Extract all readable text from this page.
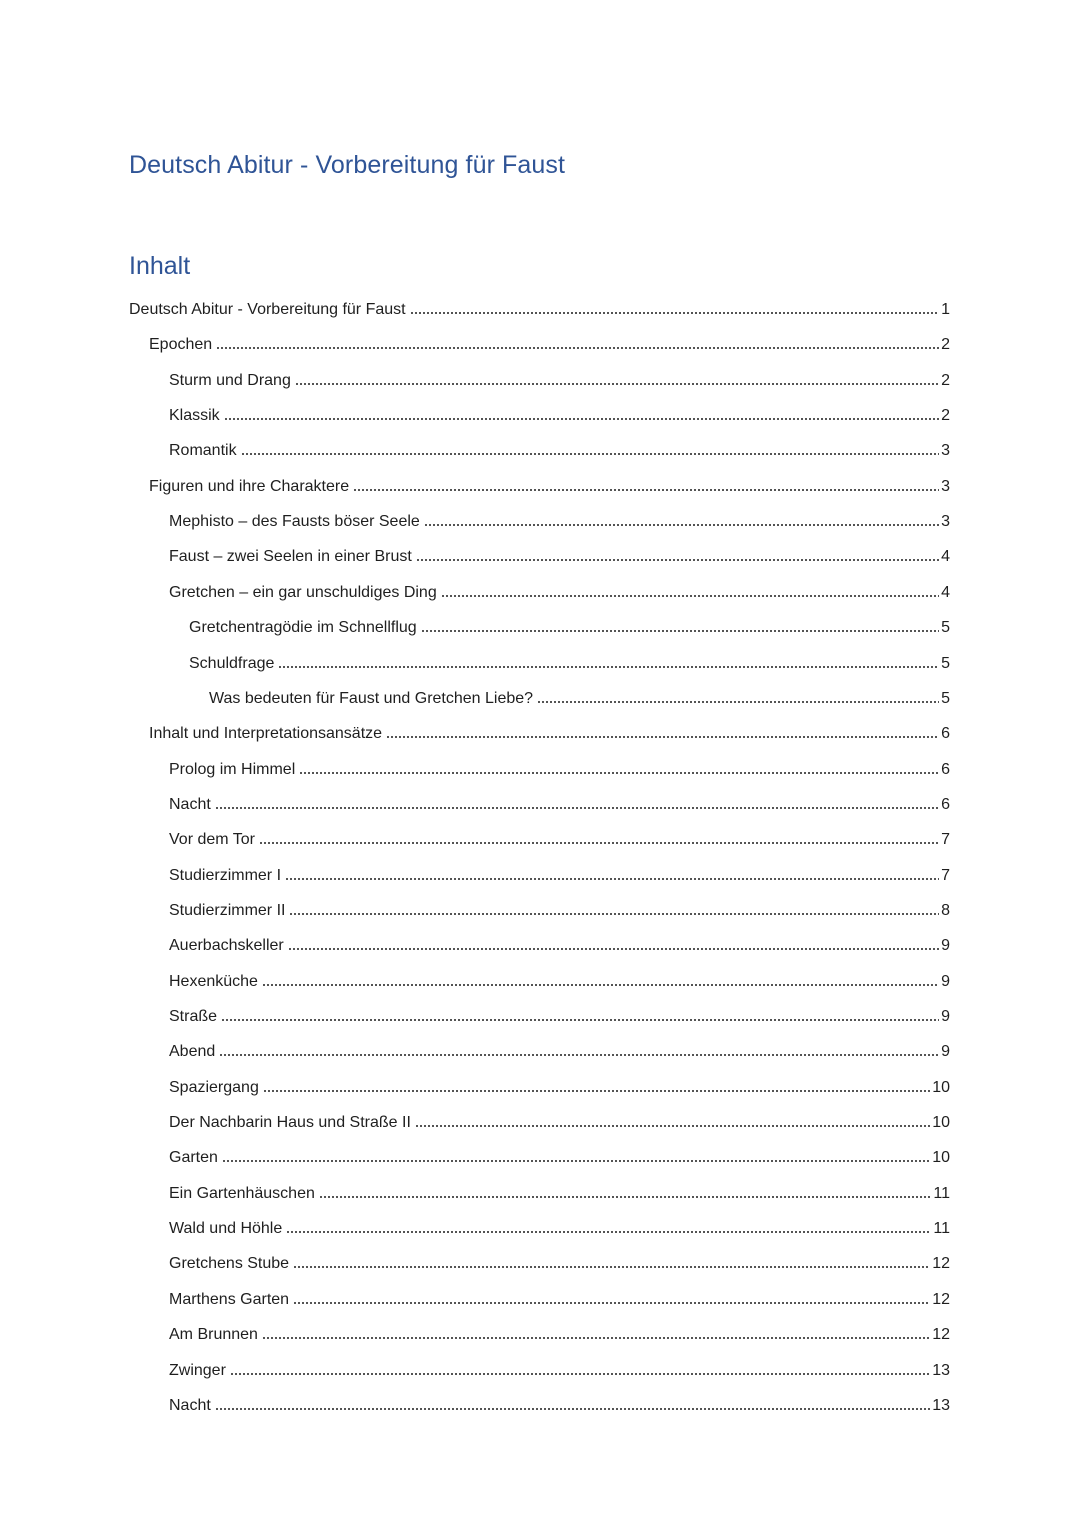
Deutsch Abitur - Vorbereitung für Faust
Inhalt
Deutsch Abitur - Vorbereitung für Faust	1
Epochen	2
Sturm und Drang	2
Klassik	2
Romantik	3
Figuren und ihre Charaktere	3
Mephisto – des Fausts böser Seele	3
Faust – zwei Seelen in einer Brust	4
Gretchen – ein gar unschuldiges Ding	4
Gretchentragödie im Schnellflug	5
Schuldfrage	5
Was bedeuten für Faust und Gretchen Liebe?	5
Inhalt und Interpretationsansätze	6
Prolog im Himmel	6
Nacht	6
Vor dem Tor	7
Studierzimmer I	7
Studierzimmer II	8
Auerbachskeller	9
Hexenküche	9
Straße	9
Abend	9
Spaziergang	10
Der Nachbarin Haus und Straße II	10
Garten	10
Ein Gartenhäuschen	11
Wald und Höhle	11
Gretchens Stube	12
Marthens Garten	12
Am Brunnen	12
Zwinger	13
Nacht	13
